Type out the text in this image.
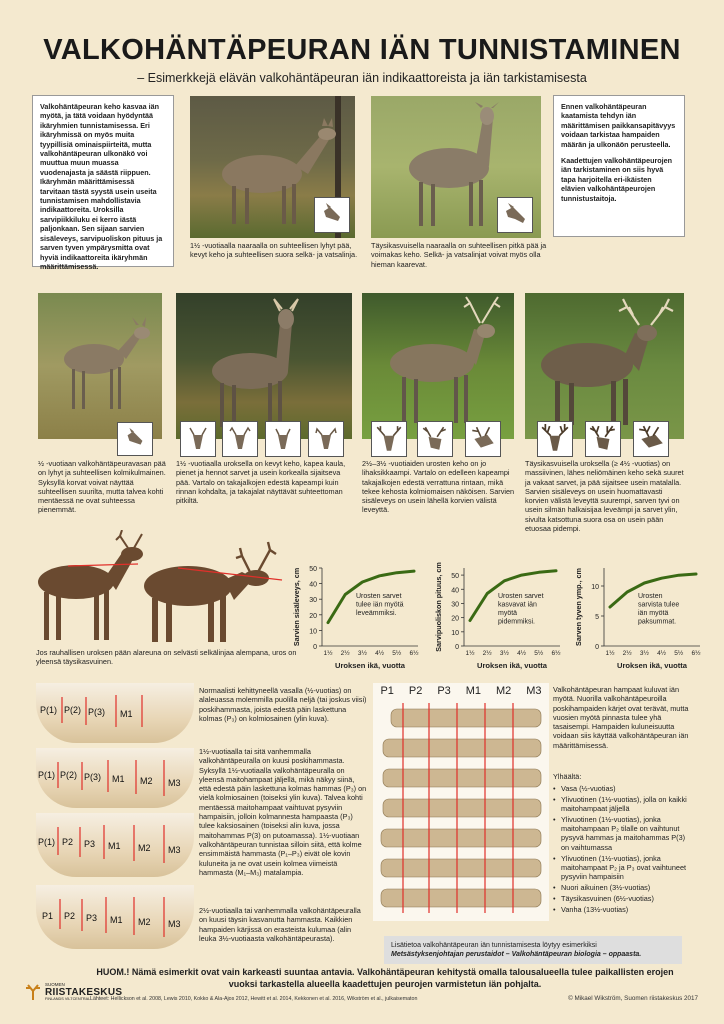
VALKOHÄNTÄPEURAN IÄN TUNNISTAMINEN
– Esimerkkejä elävän valkohäntäpeuran iän indikaattoreista ja iän tarkistamisesta

Valkohäntäpeuran keho kasvaa iän myötä, ja tätä voidaan hyödyntää ikäryhmien tunnistamisessa. Eri ikäryhmissä on myös muita tyypillisiä ominaispiirteitä, mutta valkohäntäpeuran ulkonäkö voi muuttua muun muassa vuodenajasta ja säästä riippuen. Ikäryhmän määrittämisessä tarvitaan tästä syystä usein useita tunnistamisen mahdollistavia indikaattoreita. Uroksilla sarvipiikkiluku ei kerro iästä paljonkaan. Sen sijaan sarvien sisäleveys, sarvipuoliskon pituus ja sarven tyven ympärysmitta ovat hyviä indikaattoreita ikäryhmän määrittämisessä.

Ennen valkohäntäpeuran kaatamista tehdyn iän määrittämisen paikkansapitävyys voidaan tarkistaa hampaiden määrän ja ulkonäön perusteella.

Kaadettujen valkohäntäpeurojen iän tarkistaminen on siis hyvä tapa harjoitella eri-ikäisten elävien valkohäntäpeurojen tunnistustaitoja.

1½ -vuotiaalla naaraalla on suhteellisen lyhyt pää, kevyt keho ja suhteellisen suora selkä- ja vatsalinja.
Täysikasvuisella naaraalla on suhteellisen pitkä pää ja voimakas keho. Selkä- ja vatsalinjat voivat myös olla hieman kaarevat.
½ -vuotiaan valkohäntäpeuravasan pää on lyhyt ja suhteellisen kolmikulmainen. Syksyllä korvat voivat näyttää suhteellisen suurilta, mutta talvea kohti mentäessä ne ovat suhteessa pienemmät.
1½ -vuotiaalla uroksella on kevyt keho, kapea kaula, pienet ja hennot sarvet ja usein korkealla sijaitseva pää. Vartalo on takajalkojen edestä kapeampi kuin rinnan kohdalta, ja takajalat näyttävät suhteettoman pitkiltä.
2½–3½ -vuotiaiden urosten keho on jo lihaksikkaampi. Vartalo on edelleen kapeampi takajalkojen edestä verrattuna rintaan, mikä tekee kehosta kolmiomaisen näköisen. Sarvien sisäleveys on usein lähellä korvien välistä leveyttä.
Täysikasvuisella uroksella (≥ 4½ -vuotias) on massiivinen, lähes neliömäinen keho sekä suuret ja vakaat sarvet, ja pää sijaitsee usein matalalla. Sarvien sisäleveys on usein huomattavasti korvien välistä leveyttä suurempi, sarven tyvi on usein silmän halkaisijaa leveämpi ja sarvet ylin, sivulta katsottuna suora osa on usein pään etuosaa pidempi.
Jos rauhallisen uroksen pään alareuna on selvästi selkälinjaa alempana, uros on yleensä täysikasvuinen.
0
10
20
30
40
50
1½ 2½ 3½ 4½ 5½ 6½
Sarvien sisäleveys, cm
Uroksen ikä, vuotta
Urosten sarvet tulee iän myötä leveämmiksi.
0
10
20
30
40
50
1½ 2½ 3½ 4½ 5½ 6½
Sarvipuoliskon pituus, cm
Uroksen ikä, vuotta
Urosten sarvet kasvavat iän myötä pidemmiksi.
0
5
10
1½ 2½ 3½ 4½ 5½ 6½
Sarven tyven ymp., cm
Uroksen ikä, vuotta
Urosten sarvista tulee iän myötä paksummat.
P(1) P(2) P(3) M1
P(1) P(2) P(3) M1 M2 M3
P(1) P2 P3 M1 M2 M3
P1 P2 P3 M1 M2 M3
Normaalisti kehittyneellä vasalla (½-vuotias) on alaleuassa molemmilla puolilla neljä (tai joskus viisi) poskihammasta, joista edestä päin laskettuna kolmas (P₃) on kolmiosainen (ylin kuva).
1½-vuotiaalla tai sitä vanhemmalla valkohäntäpeuralla on kuusi poskihammasta. Syksyllä 1½-vuotiaalla valkohäntäpeuralla on yleensä maitohampaat jäljellä, mikä näkyy siinä, että edestä päin laskettuna kolmas hammas (P₃) on vielä kolmiosainen (toiseksi ylin kuva). Talvea kohti mentäessä maitohampaat vaihtuvat pysyviin hampaisiin, jolloin kolmannesta hampaasta (P₃) tulee kaksiosainen (toiseksi alin kuva, jossa maitohammas P(3) on putoamassa). 1½-vuotiaan valkohäntäpeuran tunnistaa silloin siitä, että kolme ensimmäistä hammasta (P₁–P₃) eivät ole kovin kuluneita ja ne ovat usein kolmea viimeistä hammasta (M₁–M₃) matalampia.
2½-vuotiaalla tai vanhemmalla valkohäntäpeuralla on kuusi täysin kasvanutta hammasta. Kaikkien hampaiden kärjissä on erasteista kulumaa (alin leuka 3½-vuotiaasta valkohäntäpeurasta).
P1 P2 P3 M1 M2 M3 Valkohäntäpeuran hampaat kuluvat iän myötä. Nuorilla valkohäntäpeuroilla poskihampaiden kärjet ovat terävät, mutta vuosien myötä pinnasta tulee yhä tasaisempi. Hampaiden kuluneisuutta voidaan siis käyttää valkohäntäpeuran iän määrittämisessä.
Ylhäältä:
• Vasa (½-vuotias)
• Ylivuotinen (1½-vuotias), jolla on kaikki maitohampaat jäljellä
• Ylivuotinen (1½-vuotias), jonka maitohampaan P₂ tilalle on vaihtunut pysyvä hammas ja maitohammas P(3) on vaihtumassa
• Ylivuotinen (1½-vuotias), jonka maitohampaat P₂ ja P₃ ovat vaihtuneet pysyviin hampaisiin
• Nuori aikuinen (3½-vuotias)
• Täysikasvuinen (6½-vuotias)
• Vanha (13½-vuotias)
Lisätietoa valkohäntäpeuran iän tunnistamisesta löytyy esimerkiksi
Metsästyksenjohtajan perustaidot – Valkohäntäpeuran biologia – oppaasta.
SUOMEN
RIISTAKESKUS
FINLANDS VILTCENTRAL
HUOM.! Nämä esimerkit ovat vain karkeasti suuntaa antavia. Valkohäntäpeuran kehitystä omalla talousalueella tulee paikallisten erojen vuoksi tarkastella alueella kaadettujen peurojen varmistetun iän pohjalta.
Lähteet: Hellickson et al. 2008, Lewis 2010, Kokko & Ala-Ajos 2012, Hewitt et al. 2014, Kekkonen et al. 2016, Wikström et al., julkaisematon	© Mikael Wikström, Suomen riistakeskus 2017
